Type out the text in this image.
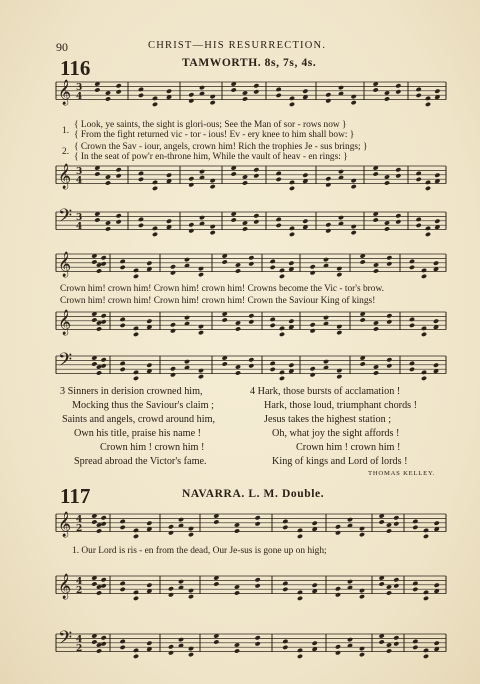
90	CHRIST—HIS RESURRECTION.
116	TAMWORTH. 8s, 7s, 4s.
𝄞 3
4
𝄞 3
4
𝄢 3
4
𝄞
𝄞
𝄢
𝄞 4
2
𝄞 4
2
𝄢 4
2
1.
{ Look, ye saints, the sight is glori-ous; See the Man of sor - rows now }
{ From the fight returned vic - tor - ious! Ev - ery knee to him shall bow: }
2. { Crown the Sav - iour, angels, crown him! Rich the trophies Je - sus brings; }
{ In the seat of pow'r en-throne him, While the vault of heav - en rings: }
Crown him! crown him! Crown him! crown him! Crowns become the Vic - tor's brow.
Crown him! crown him! Crown him! crown him! Crown the Saviour King of kings!
3 Sinners in derision crowned him,
Mocking thus the Saviour's claim ;
Saints and angels, crowd around him,
Own his title, praise his name !
Crown him ! crown him !
Spread abroad the Victor's fame.
4 Hark, those bursts of acclamation !
Hark, those loud, triumphant chords !
Jesus takes the highest station ;
Oh, what joy the sight affords !
Crown him ! crown him !
King of kings and Lord of lords !
THOMAS KELLEY.
117	NAVARRA. L. M. Double.
1. Our Lord is ris - en from the dead, Our Je-sus is gone up on high;
